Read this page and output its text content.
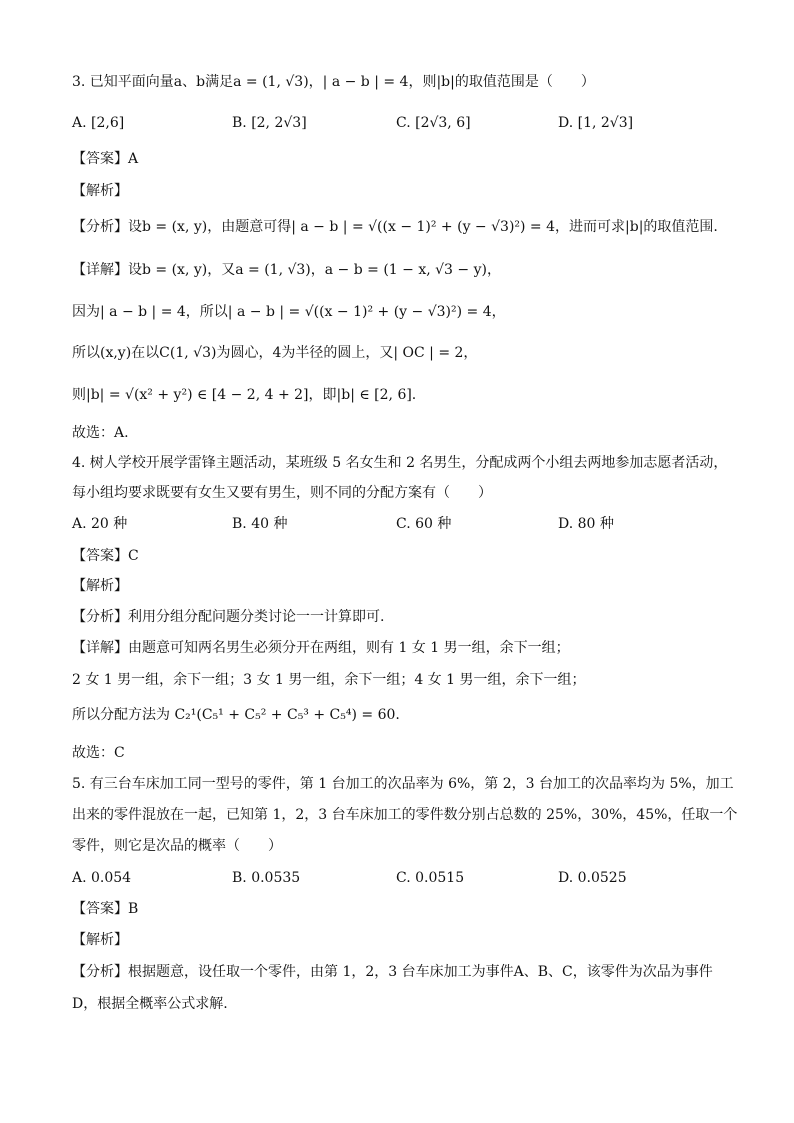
3. 已知平面向量a、b满足a = (1, √3)，| a − b | = 4，则|b|的取值范围是（　　）
A. [2,6]	B. [2, 2√3]	C. [2√3, 6]	D. [1, 2√3]
【答案】A
【解析】
【分析】设b = (x, y)，由题意可得| a − b | = √((x − 1)² + (y − √3)²) = 4，进而可求|b|的取值范围.
【详解】设b = (x, y)，又a = (1, √3)，a − b = (1 − x, √3 − y)，
因为| a − b | = 4，所以| a − b | = √((x − 1)² + (y − √3)²) = 4，
所以(x,y)在以C(1, √3)为圆心，4为半径的圆上，又| OC | = 2，
则|b| = √(x² + y²) ∈ [4 − 2, 4 + 2]，即|b| ∈ [2, 6].
故选：A.
4. 树人学校开展学雷锋主题活动，某班级 5 名女生和 2 名男生，分配成两个小组去两地参加志愿者活动，
每小组均要求既要有女生又要有男生，则不同的分配方案有（　　）
A. 20 种	B. 40 种	C. 60 种	D. 80 种
【答案】C
【解析】
【分析】利用分组分配问题分类讨论一一计算即可.
【详解】由题意可知两名男生必须分开在两组，则有 1 女 1 男一组，余下一组；
2 女 1 男一组，余下一组；3 女 1 男一组，余下一组；4 女 1 男一组，余下一组；
所以分配方法为 C₂¹(C₅¹ + C₅² + C₅³ + C₅⁴) = 60.
故选：C
5. 有三台车床加工同一型号的零件，第 1 台加工的次品率为 6%，第 2，3 台加工的次品率均为 5%，加工
出来的零件混放在一起，已知第 1，2，3 台车床加工的零件数分别占总数的 25%，30%，45%，任取一个
零件，则它是次品的概率（　　）
A. 0.054	B. 0.0535	C. 0.0515	D. 0.0525
【答案】B
【解析】
【分析】根据题意，设任取一个零件，由第 1，2，3 台车床加工为事件A、B、C，该零件为次品为事件
D，根据全概率公式求解.
